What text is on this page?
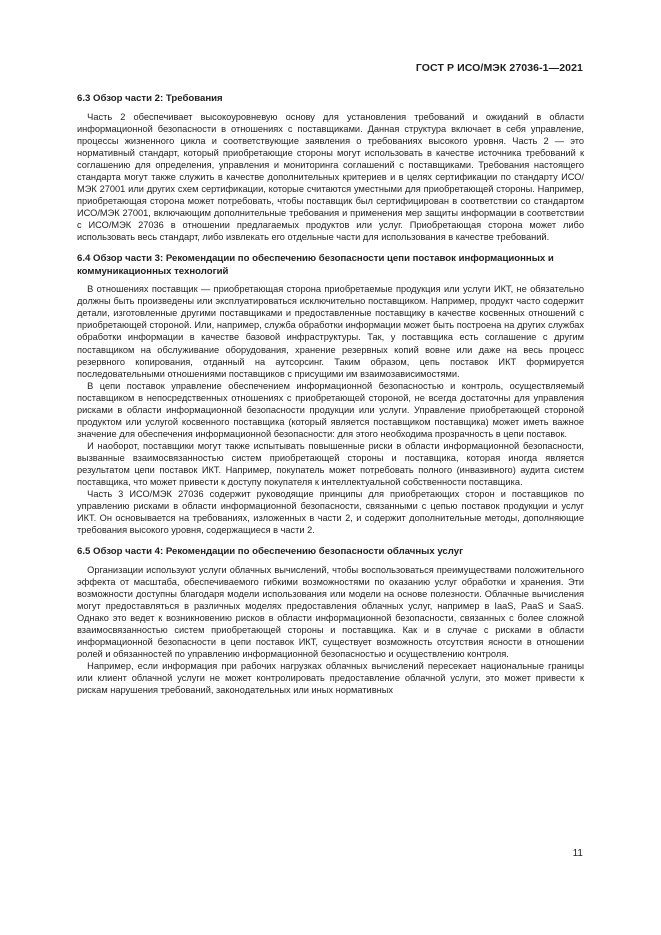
ГОСТ Р ИСО/МЭК 27036-1—2021
6.3 Обзор части 2: Требования

Часть 2 обеспечивает высокоуровневую основу для установления требований и ожиданий в области информационной безопасности в отношениях с поставщиками. Данная структура включает в себя управление, процессы жизненного цикла и соответствующие заявления о требованиях высокого уровня. Часть 2 — это нормативный стандарт, который приобретающие стороны могут использовать в качестве источника требований к соглашению для определения, управления и мониторинга соглашений с поставщиками. Требования настоящего стандарта могут также служить в качестве дополнительных критериев и в целях сертификации по стандарту ИСО/МЭК 27001 или других схем сертификации, которые считаются уместными для приобретающей стороны. Например, приобретающая сторона может потребовать, чтобы поставщик был сертифицирован в соответствии со стандартом ИСО/МЭК 27001, включающим дополнительные требования и применения мер защиты информации в соответствии с ИСО/МЭК 27036 в отношении предлагаемых продуктов или услуг. Приобретающая сторона может либо использовать весь стандарт, либо извлекать его отдельные части для использования в качестве требований.

6.4 Обзор части 3: Рекомендации по обеспечению безопасности цепи поставок информационных и коммуникационных технологий

В отношениях поставщик — приобретающая сторона приобретаемые продукция или услуги ИКТ, не обязательно должны быть произведены или эксплуатироваться исключительно поставщиком. Например, продукт часто содержит детали, изготовленные другими поставщиками и предоставленные поставщику в качестве косвенных отношений с приобретающей стороной. Или, например, служба обработки информации может быть построена на других службах обработки информации в качестве базовой инфраструктуры. Так, у поставщика есть соглашение с другим поставщиком на обслуживание оборудования, хранение резервных копий вовне или даже на весь процесс резервного копирования, отданный на аутсорсинг. Таким образом, цепь поставок ИКТ формируется последовательными отношениями поставщиков с присущими им взаимозависимостями.

В цепи поставок управление обеспечением информационной безопасностью и контроль, осуществляемый поставщиком в непосредственных отношениях с приобретающей стороной, не всегда достаточны для управления рисками в области информационной безопасности продукции или услуги. Управление приобретающей стороной продуктом или услугой косвенного поставщика (который является поставщиком поставщика) может иметь важное значение для обеспечения информационной безопасности: для этого необходима прозрачность в цепи поставок.

И наоборот, поставщики могут также испытывать повышенные риски в области информационной безопасности, вызванные взаимосвязанностью систем приобретающей стороны и поставщика, которая иногда является результатом цепи поставок ИКТ. Например, покупатель может потребовать полного (инвазивного) аудита систем поставщика, что может привести к доступу покупателя к интеллектуальной собственности поставщика.

Часть 3 ИСО/МЭК 27036 содержит руководящие принципы для приобретающих сторон и поставщиков по управлению рисками в области информационной безопасности, связанными с цепью поставок продукции и услуг ИКТ. Он основывается на требованиях, изложенных в части 2, и содержит дополнительные методы, дополняющие требования высокого уровня, содержащиеся в части 2.

6.5 Обзор части 4: Рекомендации по обеспечению безопасности облачных услуг

Организации используют услуги облачных вычислений, чтобы воспользоваться преимуществами положительного эффекта от масштаба, обеспечиваемого гибкими возможностями по оказанию услуг обработки и хранения. Эти возможности доступны благодаря модели использования или модели на основе полезности. Облачные вычисления могут предоставляться в различных моделях предоставления облачных услуг, например в IaaS, PaaS и SaaS. Однако это ведет к возникновению рисков в области информационной безопасности, связанных с более сложной взаимосвязанностью систем приобретающей стороны и поставщика. Как и в случае с рисками в области информационной безопасности в цепи поставок ИКТ, существует возможность отсутствия ясности в отношении ролей и обязанностей по управлению информационной безопасностью и осуществлению контроля.

Например, если информация при рабочих нагрузках облачных вычислений пересекает национальные границы или клиент облачной услуги не может контролировать предоставление облачной услуги, это может привести к рискам нарушения требований, законодательных или иных нормативных

11
